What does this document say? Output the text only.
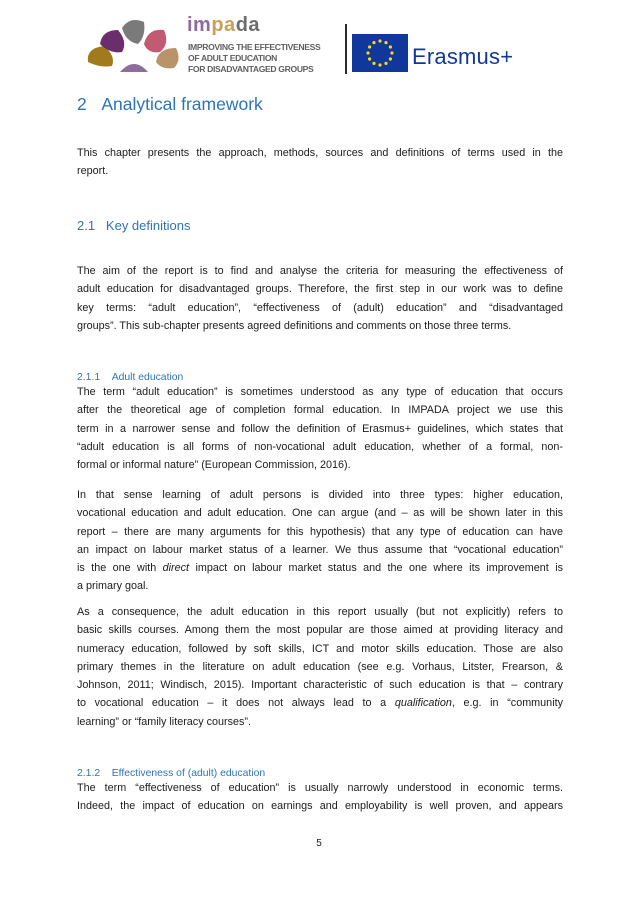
impada
IMPROVING THE EFFECTIVENESS
OF ADULT EDUCATION
FOR DISADVANTAGED GROUPS	Erasmus+
2 Analytical framework
This chapter presents the approach, methods, sources and definitions of terms used in the
report.
2.1 Key definitions
The aim of the report is to find and analyse the criteria for measuring the effectiveness of
adult education for disadvantaged groups. Therefore, the first step in our work was to define
key terms: “adult education”, “effectiveness of (adult) education” and “disadvantaged
groups”. This sub-chapter presents agreed definitions and comments on those three terms.
2.1.1 Adult education
The term “adult education” is sometimes understood as any type of education that occurs
after the theoretical age of completion formal education. In IMPADA project we use this
term in a narrower sense and follow the definition of Erasmus+ guidelines, which states that
“adult education is all forms of non-vocational adult education, whether of a formal, non-
formal or informal nature” (European Commission, 2016).
In that sense learning of adult persons is divided into three types: higher education,
vocational education and adult education. One can argue (and – as will be shown later in this
report – there are many arguments for this hypothesis) that any type of education can have
an impact on labour market status of a learner. We thus assume that “vocational education”
is the one with direct impact on labour market status and the one where its improvement is
a primary goal.
As a consequence, the adult education in this report usually (but not explicitly) refers to
basic skills courses. Among them the most popular are those aimed at providing literacy and
numeracy education, followed by soft skills, ICT and motor skills education. Those are also
primary themes in the literature on adult education (see e.g. Vorhaus, Litster, Frearson, &
Johnson, 2011; Windisch, 2015). Important characteristic of such education is that – contrary
to vocational education – it does not always lead to a qualification, e.g. in “community
learning” or “family literacy courses”.
2.1.2 Effectiveness of (adult) education
The term “effectiveness of education” is usually narrowly understood in economic terms.
Indeed, the impact of education on earnings and employability is well proven, and appears
5
